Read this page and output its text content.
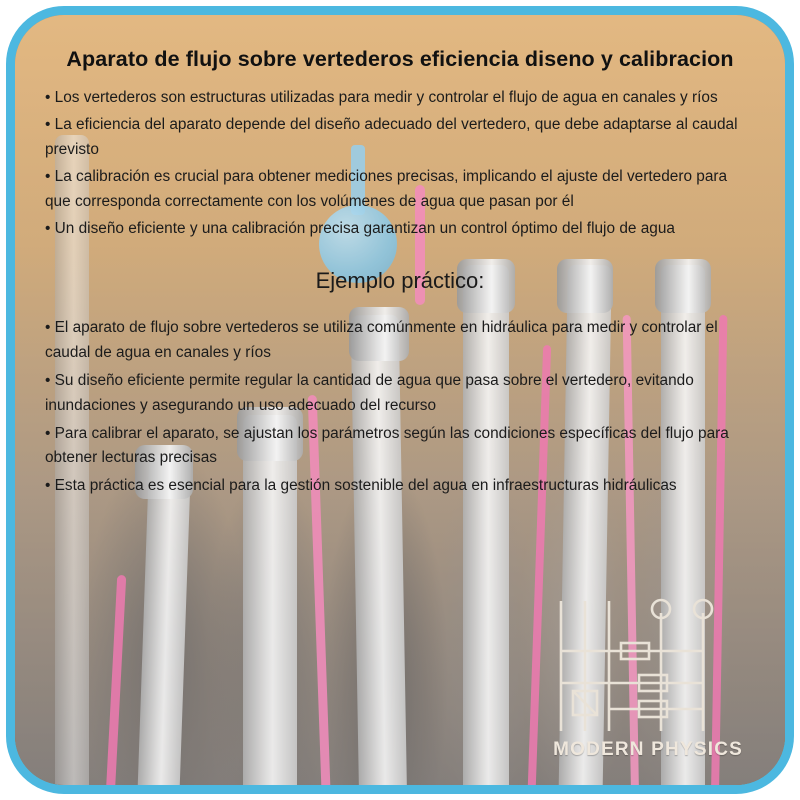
Aparato de flujo sobre vertederos eficiencia diseno y calibracion

• Los vertederos son estructuras utilizadas para medir y controlar el flujo de agua en canales y ríos

• La eficiencia del aparato depende del diseño adecuado del vertedero, que debe adaptarse al caudal previsto

• La calibración es crucial para obtener mediciones precisas, implicando el ajuste del vertedero para que corresponda correctamente con los volúmenes de agua que pasan por él

• Un diseño eficiente y una calibración precisa garantizan un control óptimo del flujo de agua

Ejemplo práctico:

• El aparato de flujo sobre vertederos se utiliza comúnmente en hidráulica para medir y controlar el caudal de agua en canales y ríos

• Su diseño eficiente permite regular la cantidad de agua que pasa sobre el vertedero, evitando inundaciones y asegurando un uso adecuado del recurso

• Para calibrar el aparato, se ajustan los parámetros según las condiciones específicas del flujo para obtener lecturas precisas

• Esta práctica es esencial para la gestión sostenible del agua en infraestructuras hidráulicas

MODERN PHYSICS
